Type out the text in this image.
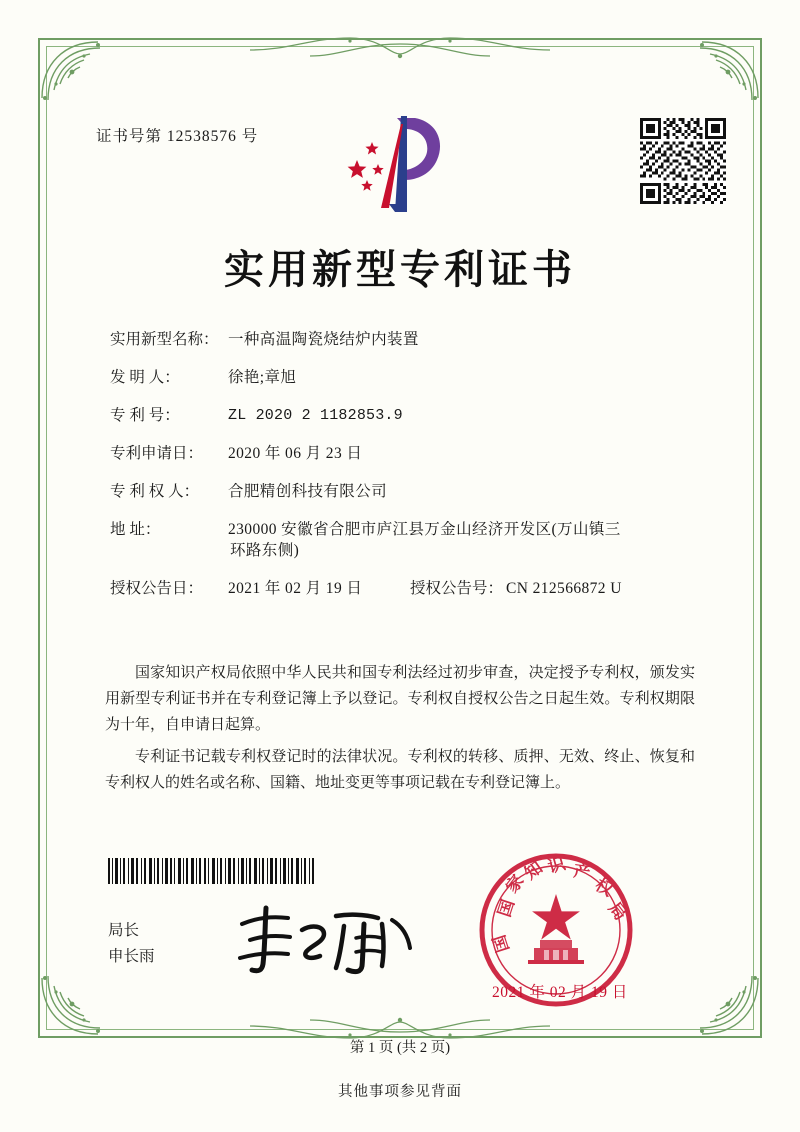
证书号第 12538576 号
实用新型专利证书
实用新型名称： 一种高温陶瓷烧结炉内装置
发 明 人：	徐艳;章旭
专 利 号：	ZL 2020 2 1182853.9
专利申请日：	2020 年 06 月 23 日
专 利 权 人：	合肥精创科技有限公司
地 址：	230000 安徽省合肥市庐江县万金山经济开发区(万山镇三
环路东侧)
授权公告日：	2021 年 02 月 19 日	授权公告号： CN 212566872 U

国家知识产权局依照中华人民共和国专利法经过初步审查，决定授予专利权，颁发实用新型专利证书并在专利登记簿上予以登记。专利权自授权公告之日起生效。专利权期限为十年，自申请日起算。

专利证书记载专利权登记时的法律状况。专利权的转移、质押、无效、终止、恢复和专利权人的姓名或名称、国籍、地址变更等事项记载在专利登记簿上。

局长
申长雨
家
知 识 产
权
局
国
国
2021 年 02 月 19 日
第 1 页 (共 2 页)
其他事项参见背面
